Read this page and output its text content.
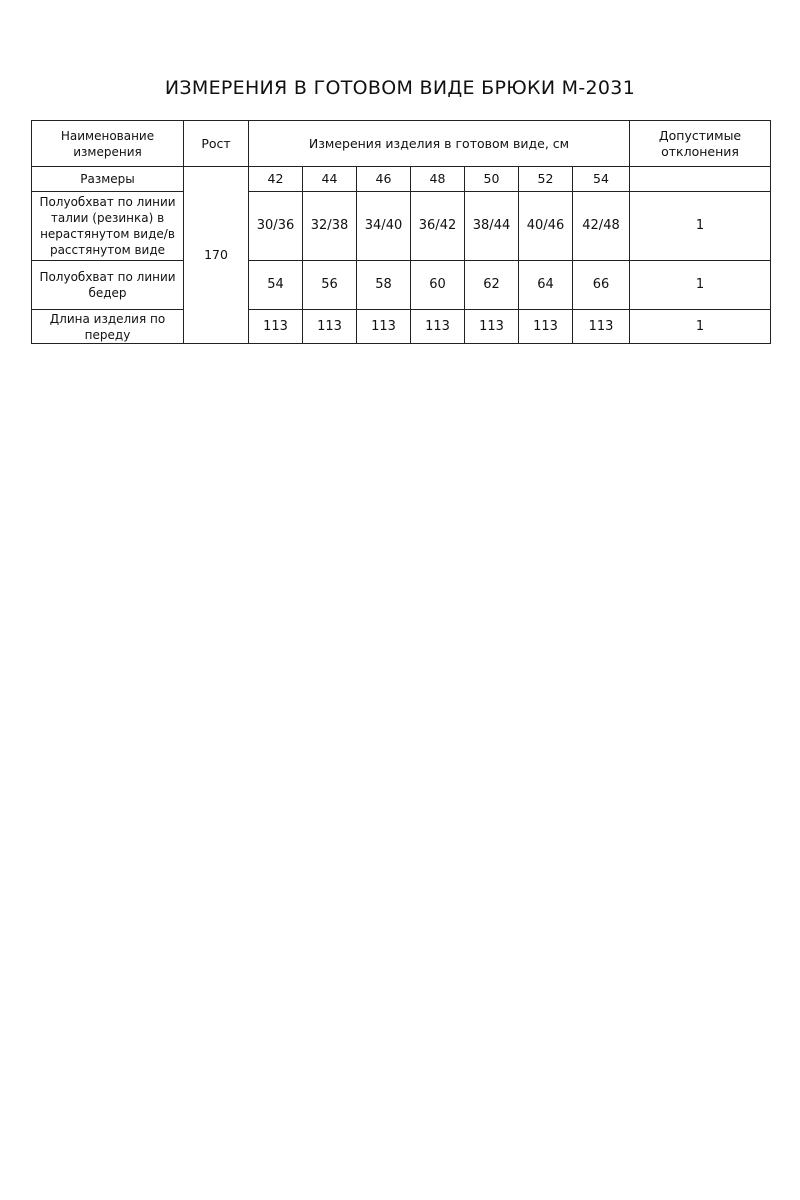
ИЗМЕРЕНИЯ В ГОТОВОМ ВИДЕ БРЮКИ М-2031
Наименование измерения	Рост	Измерения изделия в готовом виде, см							Допустимые отклонения
Размеры	170	42	44	46	48	50	52	54	
Полуобхват по линии талии (резинка) в нерастянутом виде/в расстянутом виде		30/36	32/38	34/40	36/42	38/44	40/46	42/48	1
Полуобхват по линии бедер		54	56	58	60	62	64	66	1
Длина изделия по переду		113	113	113	113	113	113	113	1
